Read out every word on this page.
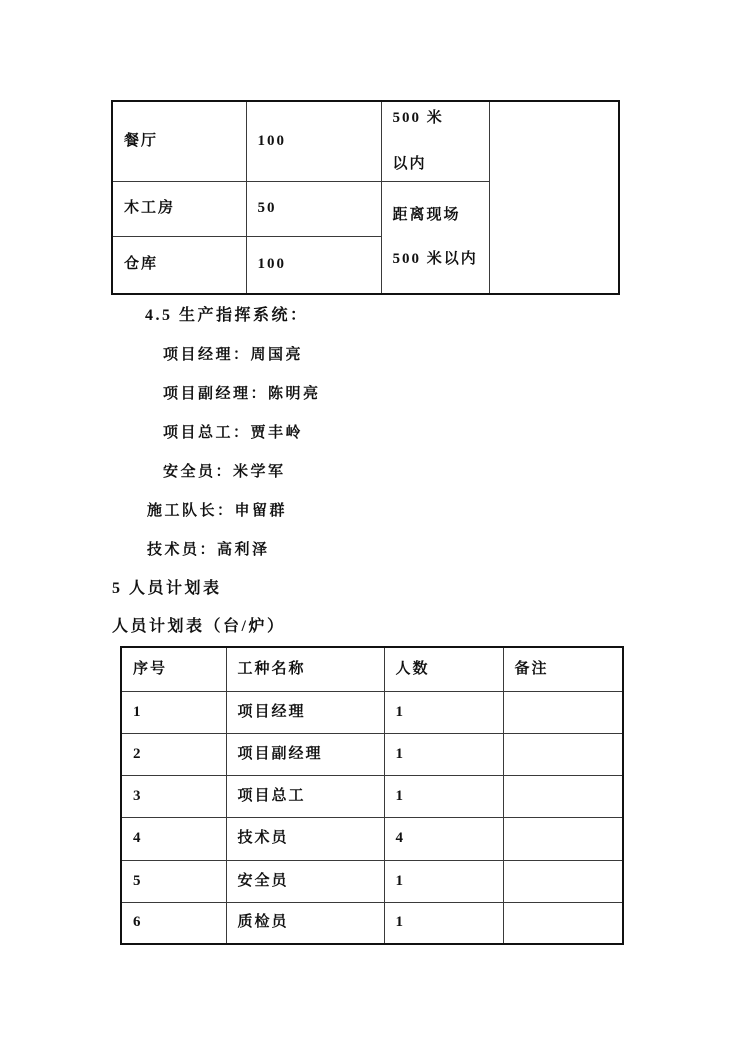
餐厅	100	500 米
以内	

木工房	50	距离现场
500 米以内	

仓库	100		
4.5 生产指挥系统：
项目经理：周国亮
项目副经理：陈明亮
项目总工：贾丰岭
安全员：米学军
施工队长：申留群
技术员：高利泽
5 人员计划表
人员计划表（台/炉）
序号	工种名称	人数	备注
1	项目经理	1	
2	项目副经理	1	
3	项目总工	1	
4	技术员	4	
5	安全员	1	
6	质检员	1	
